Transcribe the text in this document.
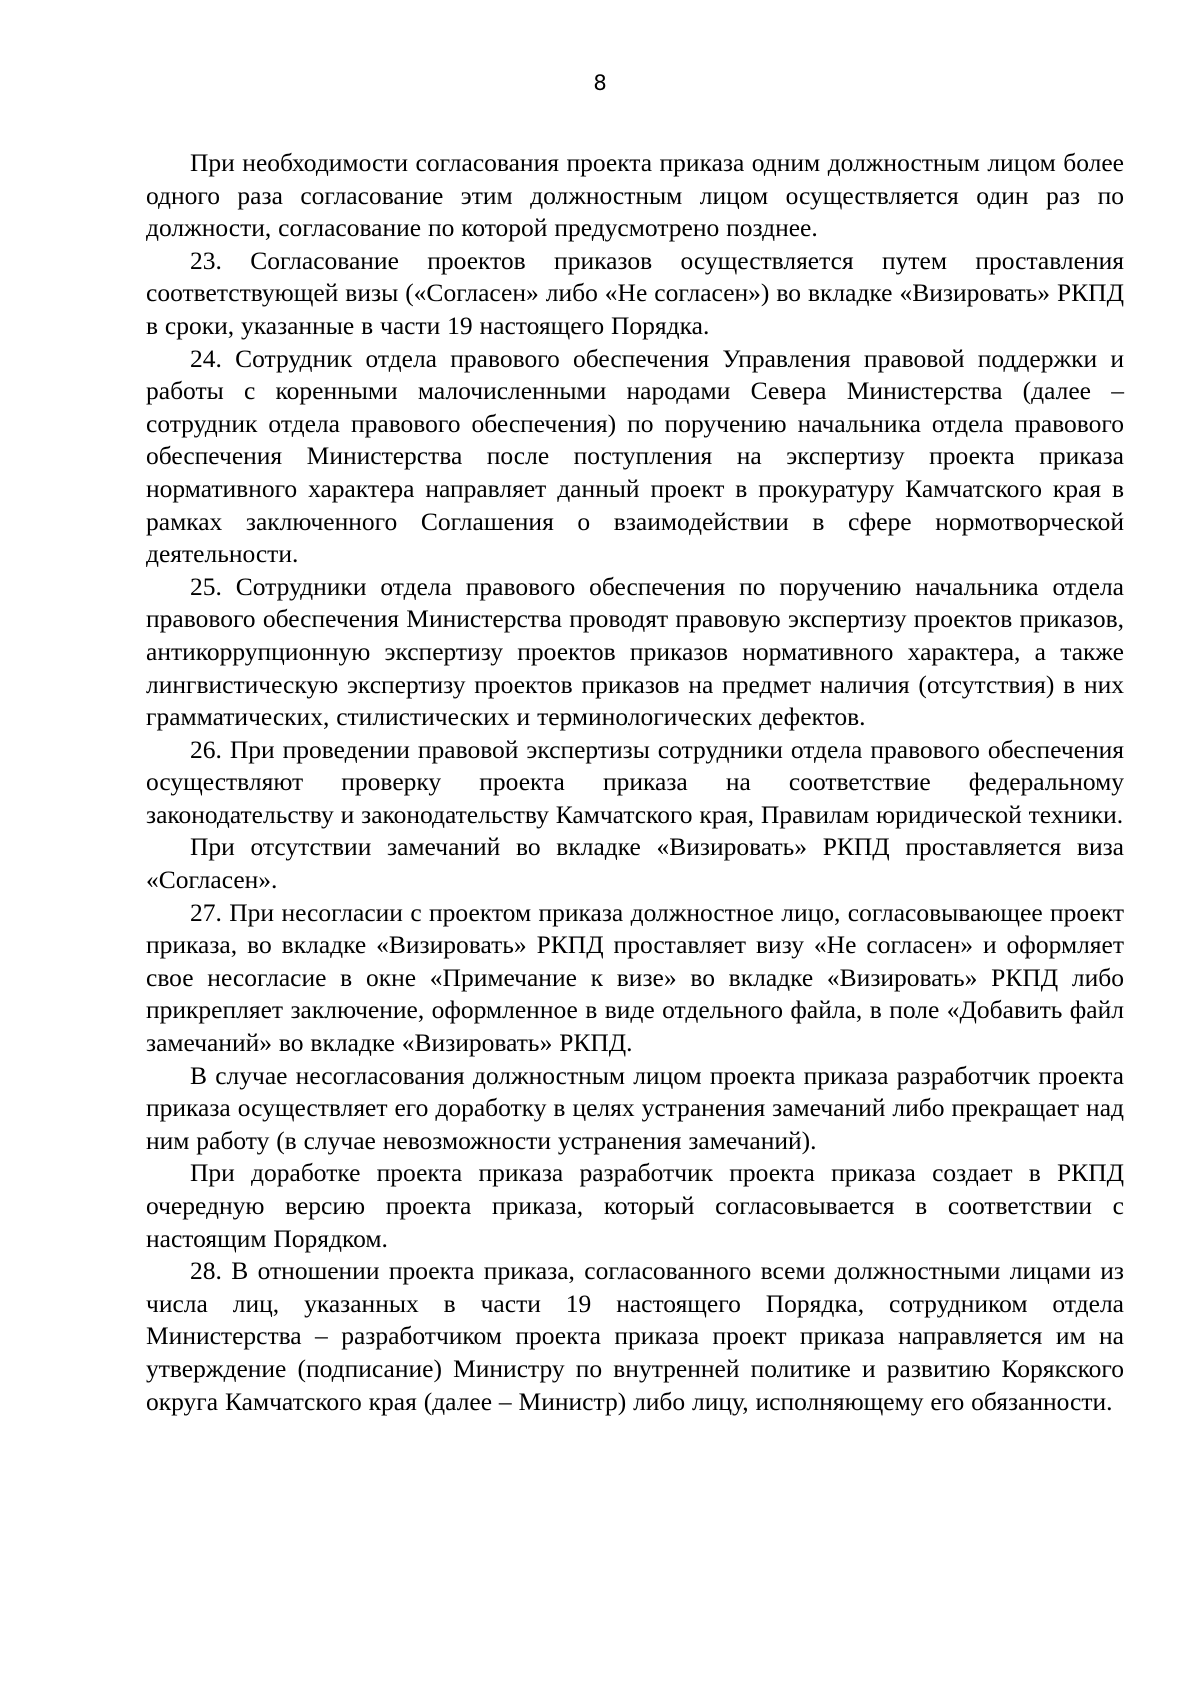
8

При необходимости согласования проекта приказа одним должностным лицом более одного раза согласование этим должностным лицом осуществляется один раз по должности, согласование по которой предусмотрено позднее.

23. Согласование проектов приказов осуществляется путем проставления соответствующей визы («Согласен» либо «Не согласен») во вкладке «Визировать» РКПД в сроки, указанные в части 19 настоящего Порядка.

24. Сотрудник отдела правового обеспечения Управления правовой поддержки и работы с коренными малочисленными народами Севера Министерства (далее – сотрудник отдела правового обеспечения) по поручению начальника отдела правового обеспечения Министерства после поступления на экспертизу проекта приказа нормативного характера направляет данный проект в прокуратуру Камчатского края в рамках заключенного Соглашения о взаимодействии в сфере нормотворческой деятельности.

25. Сотрудники отдела правового обеспечения по поручению начальника отдела правового обеспечения Министерства проводят правовую экспертизу проектов приказов, антикоррупционную экспертизу проектов приказов нормативного характера, а также лингвистическую экспертизу проектов приказов на предмет наличия (отсутствия) в них грамматических, стилистических и терминологических дефектов.

26. При проведении правовой экспертизы сотрудники отдела правового обеспечения осуществляют проверку проекта приказа на соответствие федеральному законодательству и законодательству Камчатского края, Правилам юридической техники.

При отсутствии замечаний во вкладке «Визировать» РКПД проставляется виза «Согласен».

27. При несогласии с проектом приказа должностное лицо, согласовывающее проект приказа, во вкладке «Визировать» РКПД проставляет визу «Не согласен» и оформляет свое несогласие в окне «Примечание к визе» во вкладке «Визировать» РКПД либо прикрепляет заключение, оформленное в виде отдельного файла, в поле «Добавить файл замечаний» во вкладке «Визировать» РКПД.

В случае несогласования должностным лицом проекта приказа разработчик проекта приказа осуществляет его доработку в целях устранения замечаний либо прекращает над ним работу (в случае невозможности устранения замечаний).

При доработке проекта приказа разработчик проекта приказа создает в РКПД очередную версию проекта приказа, который согласовывается в соответствии с настоящим Порядком.

28. В отношении проекта приказа, согласованного всеми должностными лицами из числа лиц, указанных в части 19 настоящего Порядка, сотрудником отдела Министерства – разработчиком проекта приказа проект приказа направляется им на утверждение (подписание) Министру по внутренней политике и развитию Корякского округа Камчатского края (далее – Министр) либо лицу, исполняющему его обязанности.
